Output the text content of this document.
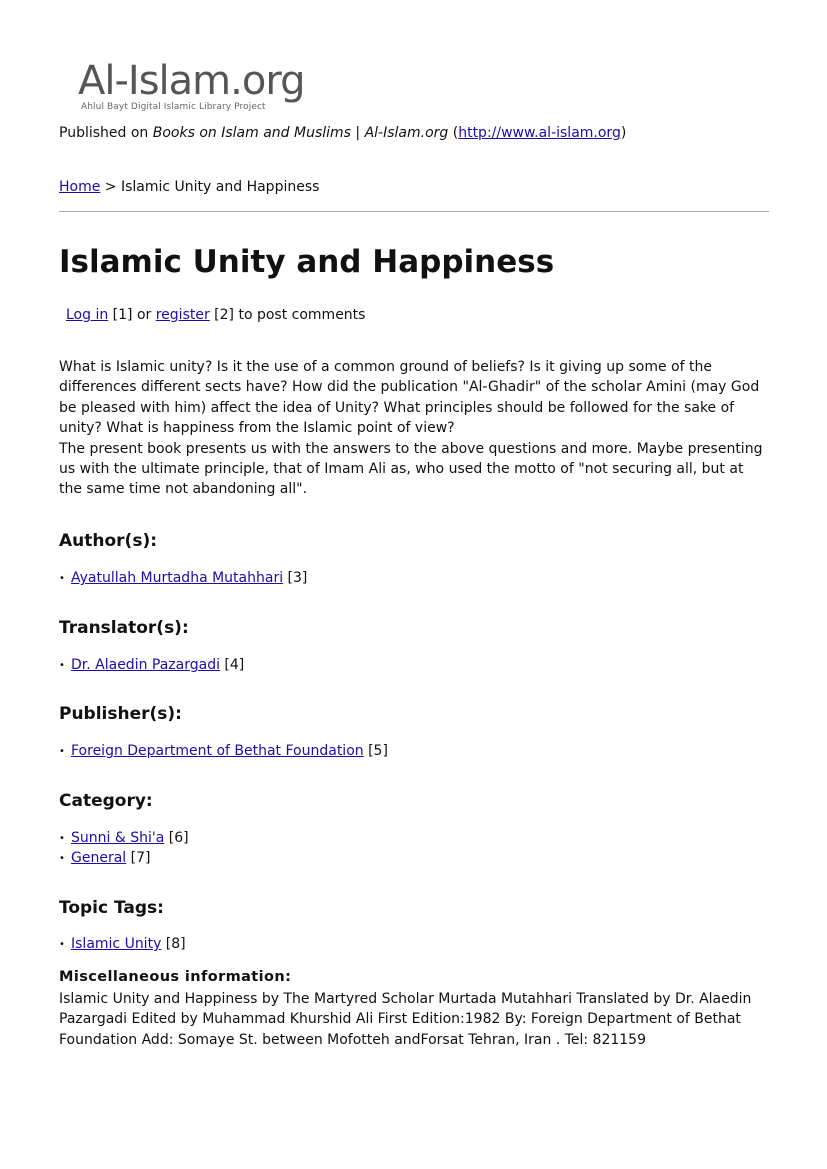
Al-Islam.org
Ahlul Bayt Digital Islamic Library Project
Published on Books on Islam and Muslims | Al-Islam.org (http://www.al-islam.org)
Home > Islamic Unity and Happiness
Islamic Unity and Happiness
Log in [1] or register [2] to post comments

What is Islamic unity? Is it the use of a common ground of beliefs? Is it giving up some of the differences different sects have? How did the publication "Al-Ghadir" of the scholar Amini (may God be pleased with him) affect the idea of Unity? What principles should be followed for the sake of unity? What is happiness from the Islamic point of view?

The present book presents us with the answers to the above questions and more. Maybe presenting us with the ultimate principle, that of Imam Ali as, who used the motto of "not securing all, but at the same time not abandoning all".

Author(s):
• Ayatullah Murtadha Mutahhari [3]
Translator(s):
• Dr. Alaedin Pazargadi [4]
Publisher(s):
• Foreign Department of Bethat Foundation [5]
Category:
• Sunni & Shi'a [6]
• General [7]
Topic Tags:
• Islamic Unity [8]
Miscellaneous information:

Islamic Unity and Happiness by The Martyred Scholar Murtada Mutahhari Translated by Dr. Alaedin Pazargadi Edited by Muhammad Khurshid Ali First Edition:1982 By: Foreign Department of Bethat Foundation Add: Somaye St. between Mofotteh andForsat Tehran, Iran . Tel: 821159
